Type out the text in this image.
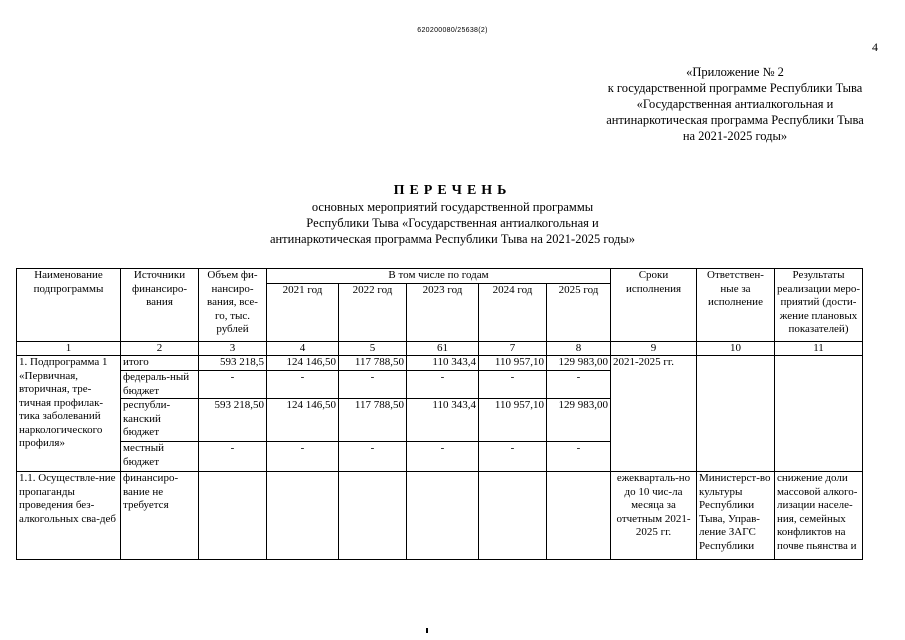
620200080/25638(2)
4
«Приложение № 2
к государственной программе Республики Тыва
«Государственная антиалкогольная и
антинаркотическая программа Республики Тыва
на 2021-2025 годы»
ПЕРЕЧЕНЬ
основных мероприятий государственной программы
Республики Тыва «Государственная антиалкогольная и
антинаркотическая программа Республики Тыва на 2021-2025 годы»
Наименование подпрограммы	Источники финансиро-вания	Объем фи-нансиро-вания, все-го, тыс. рублей	В том числе по годам					Сроки исполнения	Ответствен-ные за исполнение	Результаты реализации меро-приятий (дости-жение плановых показателей)
			2021 год	2022 год	2023 год	2024 год	2025 год			
1	2	3	4	5	61	7	8	9	10	11
1. Подпрограмма 1 «Первичная, вторичная, тре-тичная профилак-тика заболеваний наркологического профиля»	итого	593 218,5	124 146,50	117 788,50	110 343,4	110 957,10	129 983,00	2021-2025 гг.		
	федераль-ный бюджет	-	-	-	-	-	-			
	республи-канский бюджет	593 218,50	124 146,50	117 788,50	110 343,4	110 957,10	129 983,00			
	местный бюджет	-	-	-	-	-	-			
1.1. Осуществле-ние пропаганды проведения без-алкогольных сва-деб	финансиро-вание не требуется							ежекварталь-но до 10 чис-ла месяца за отчетным 2021-2025 гг.	Министерст-во культуры Республики Тыва, Управ-ление ЗАГС Республики	снижение доли массовой алкого-лизации населе-ния, семейных конфликтов на почве пьянства и
